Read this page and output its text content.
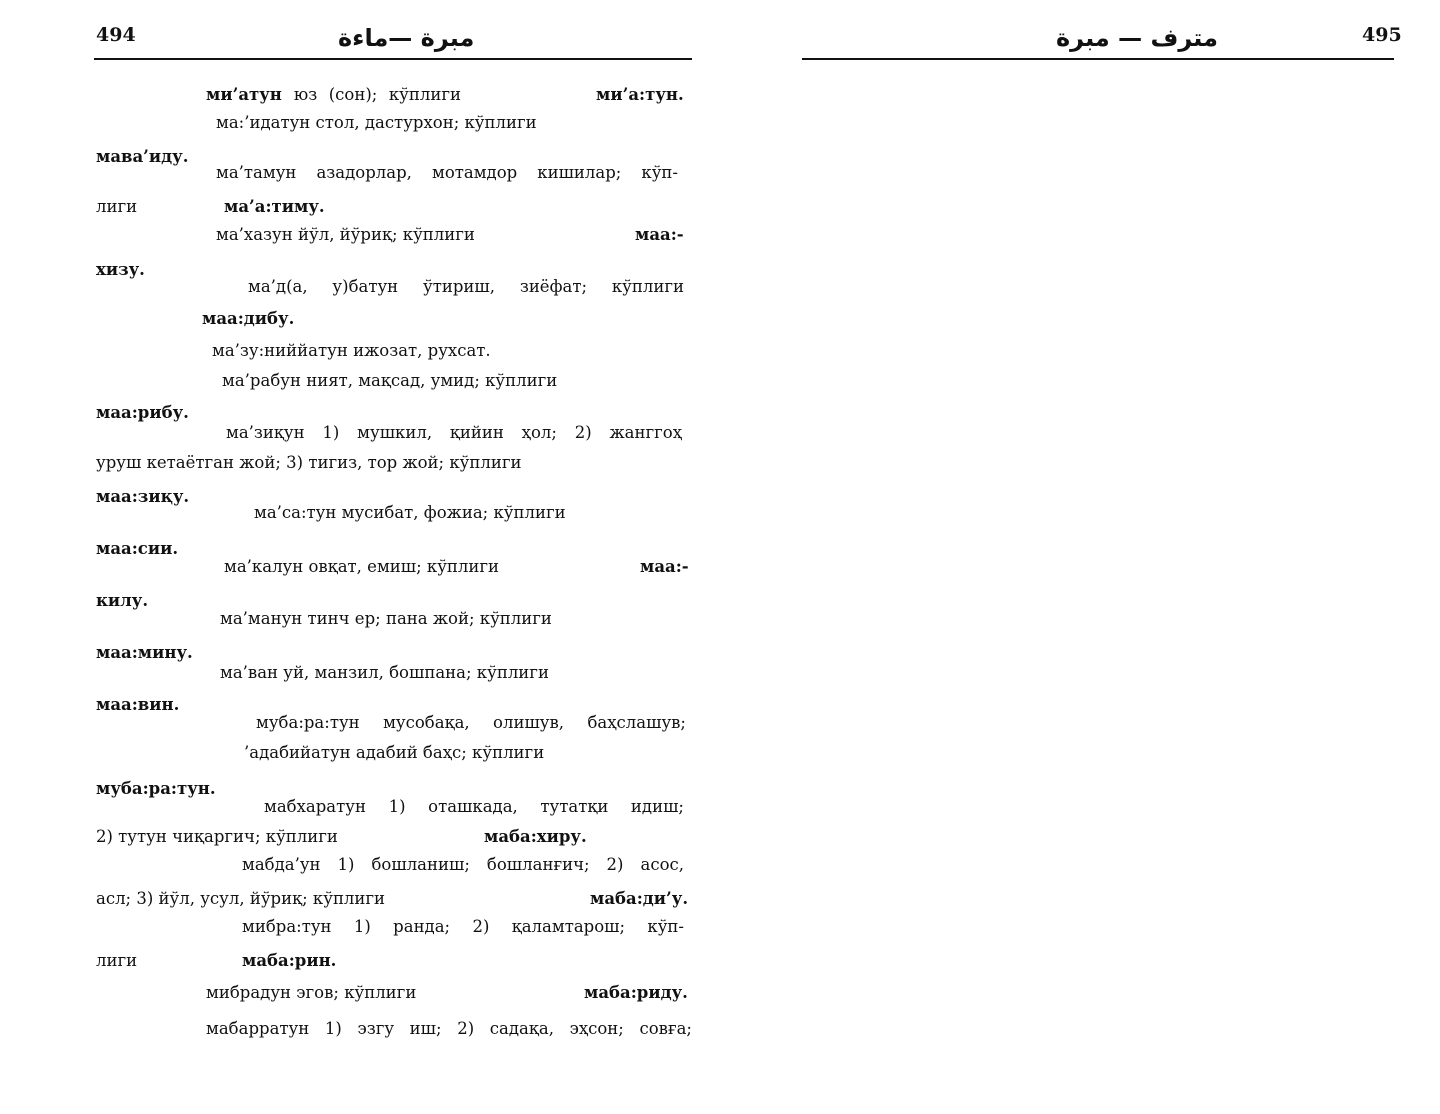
494	مبرة —ماءة
ми’атун юз (сон); кўплиги	ми’а:тун.
ма:’идатун стол, дастурхон; кўплиги
мава’иду.
ма’тамун азадорлар, мотамдор кишилар; кўп-
лиги	ма’а:тиму.
ма’хазун йўл, йўриқ; кўплиги	маа:-
хизу.
ма’д(а, у)батун ўтириш, зиёфат; кўплиги
маа:дибу.
ма’зу:ниййатун ижозат, рухсат.
ма’рабун ният, мақсад, умид; кўплиги
маа:рибу.
ма’зиқун 1) мушкил, қийин ҳол; 2) жанггоҳ
уруш кетаётган жой; 3) тигиз, тор жой; кўплиги
маа:зиқу.
ма’са:тун мусибат, фожиа; кўплиги
маа:сии.
ма’калун овқат, емиш; кўплиги	маа:-
килу.
ма’манун тинч ер; пана жой; кўплиги
маа:мину.
ма’ван уй, манзил, бошпана; кўплиги
маа:вин.
муба:ра:тун мусобақа, олишув, баҳслашув;
’адабийатун адабий баҳс; кўплиги
муба:ра:тун.
мабхаратун 1) оташкада, тутатқи идиш;
2) тутун чиқаргич; кўплиги	маба:хиру.
мабда’ун 1) бошланиш; бошланғич; 2) асос,
асл; 3) йўл, усул, йўриқ; кўплиги	маба:ди’у.
мибра:тун 1) ранда; 2) қаламтарош; кўп-
лиги	маба:рин.
мибрадун эгов; кўплиги	маба:риду.
мабарратун 1) эзгу иш; 2) садақа, эҳсон; совға;
مترف — مبرة	495
